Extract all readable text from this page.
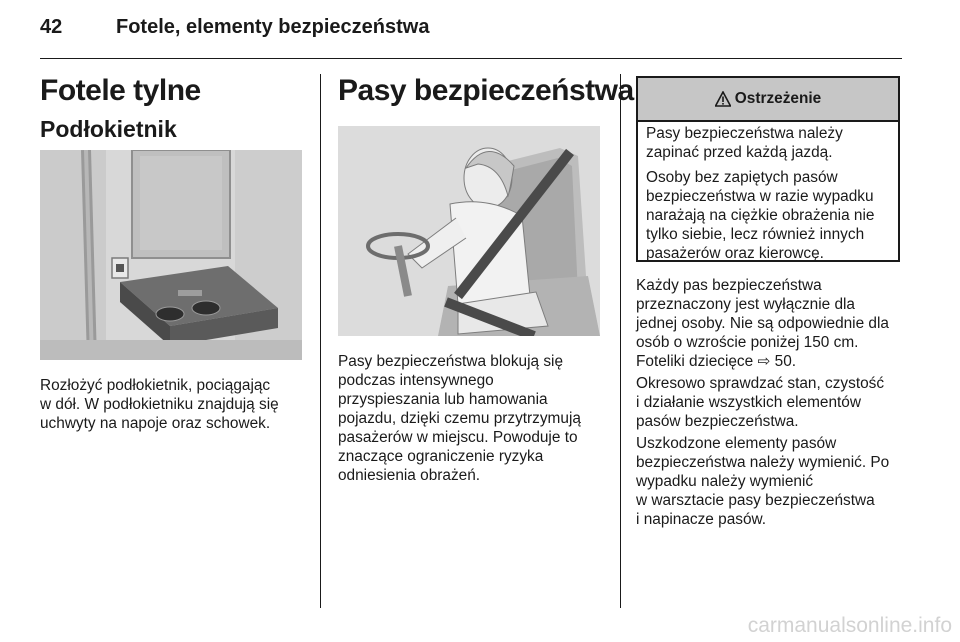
42	Fotele, elementy bezpieczeństwa
Fotele tylne
Podłokietnik
Rozłożyć podłokietnik, pociągając
w dół. W podłokietniku znajdują się
uchwyty na napoje oraz schowek.
Pasy bezpieczeństwa
Pasy bezpieczeństwa blokują się
podczas intensywnego
przyspieszania lub hamowania
pojazdu, dzięki czemu przytrzymują
pasażerów w miejscu. Powoduje to
znaczące ograniczenie ryzyka
odniesienia obrażeń.
Ostrzeżenie
Pasy bezpieczeństwa należy
zapinać przed każdą jazdą.
Osoby bez zapiętych pasów
bezpieczeństwa w razie wypadku
narażają na ciężkie obrażenia nie
tylko siebie, lecz również innych
pasażerów oraz kierowcę.
Każdy pas bezpieczeństwa
przeznaczony jest wyłącznie dla
jednej osoby. Nie są odpowiednie dla
osób o wzroście poniżej 150 cm.
Foteliki dziecięce ⇨ 50.
Okresowo sprawdzać stan, czystość
i działanie wszystkich elementów
pasów bezpieczeństwa.
Uszkodzone elementy pasów
bezpieczeństwa należy wymienić. Po
wypadku należy wymienić
w warsztacie pasy bezpieczeństwa
i napinacze pasów.
carmanualsonline.info
